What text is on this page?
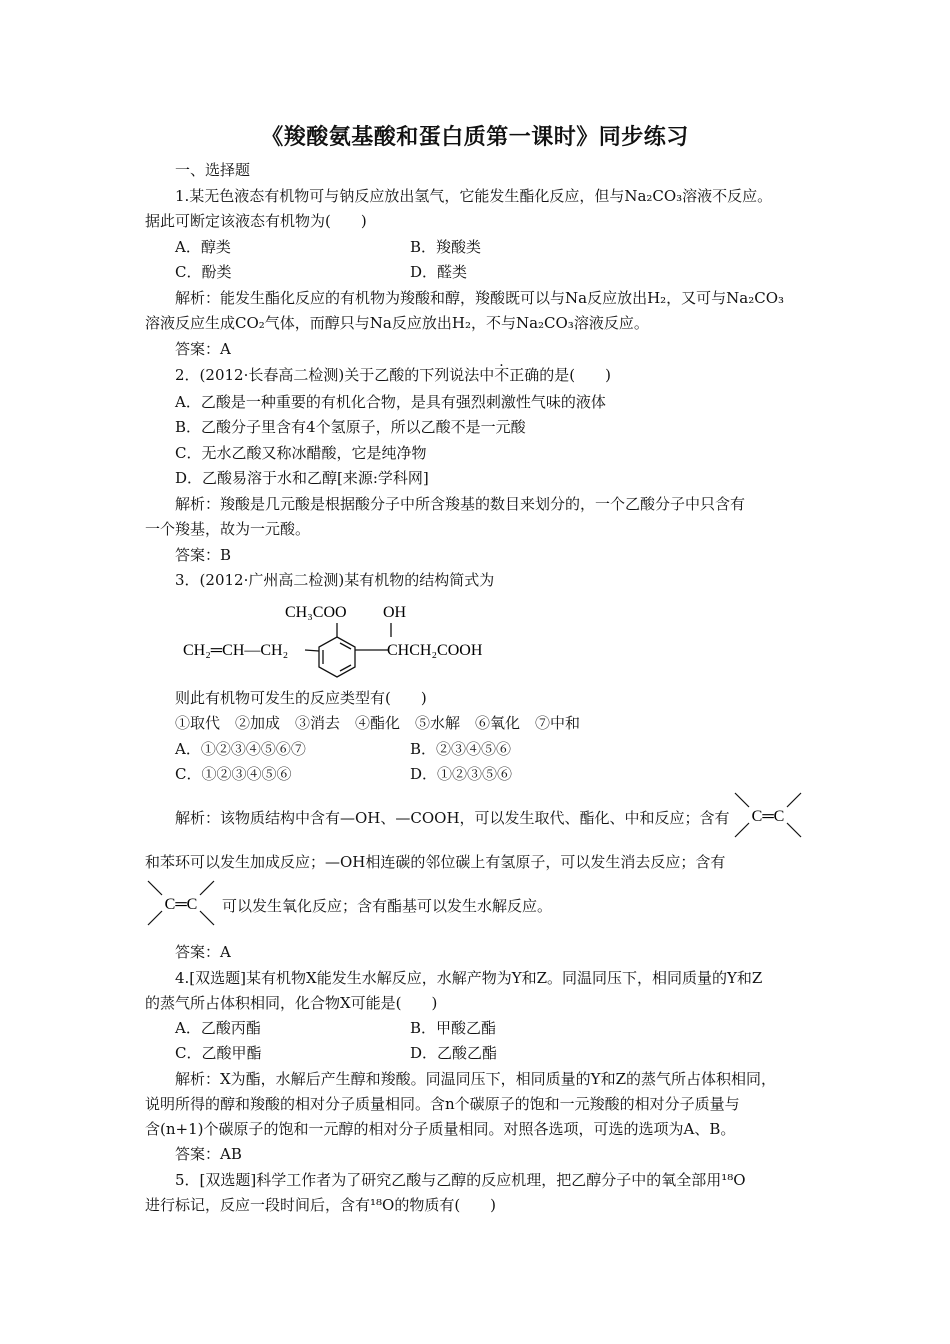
《羧酸氨基酸和蛋白质第一课时》同步练习
一、选择题
1.某无色液态有机物可与钠反应放出氢气，它能发生酯化反应，但与Na₂CO₃溶液不反应。
据此可断定该液态有机物为(　　)
A．醇类	B．羧酸类
C．酚类	D．醛类
解析：能发生酯化反应的有机物为羧酸和醇，羧酸既可以与Na反应放出H₂，又可与Na₂CO₃
溶液反应生成CO₂气体，而醇只与Na反应放出H₂，不与Na₂CO₃溶液反应。
答案：A
2．(2012·长春高二检测)关于乙酸的下列说法中不正确的是(　　)
A．乙酸是一种重要的有机化合物，是具有强烈刺激性气味的液体
B．乙酸分子里含有4个氢原子，所以乙酸不是一元酸
C．无水乙酸又称冰醋酸，它是纯净物
D．乙酸易溶于水和乙醇[来源:学科网]
解析：羧酸是几元酸是根据酸分子中所含羧基的数目来划分的，一个乙酸分子中只含有
一个羧基，故为一元酸。
答案：B
3．(2012·广州高二检测)某有机物的结构简式为
CH₃COO OH
CH₂═CH—CH₂	CHCH₂COOH
则此有机物可发生的反应类型有(　　)
①取代　②加成　③消去　④酯化　⑤水解　⑥氧化　⑦中和
A．①②③④⑤⑥⑦	B．②③④⑤⑥
C．①②③④⑤⑥	D．①②③⑤⑥
解析：该物质结构中含有—OH、—COOH，可以发生取代、酯化、中和反应；含有 C═C
和苯环可以发生加成反应；—OH相连碳的邻位碳上有氢原子，可以发生消去反应；含有
C═C 可以发生氧化反应；含有酯基可以发生水解反应。
答案：A
4.[双选题]某有机物X能发生水解反应，水解产物为Y和Z。同温同压下，相同质量的Y和Z
的蒸气所占体积相同，化合物X可能是(　　)
A．乙酸丙酯	B．甲酸乙酯
C．乙酸甲酯	D．乙酸乙酯
解析：X为酯，水解后产生醇和羧酸。同温同压下，相同质量的Y和Z的蒸气所占体积相同，
说明所得的醇和羧酸的相对分子质量相同。含n个碳原子的饱和一元羧酸的相对分子质量与
含(n+1)个碳原子的饱和一元醇的相对分子质量相同。对照各选项，可选的选项为A、B。
答案：AB
5．[双选题]科学工作者为了研究乙酸与乙醇的反应机理，把乙醇分子中的氧全部用¹⁸O
进行标记，反应一段时间后，含有¹⁸O的物质有(　　)
